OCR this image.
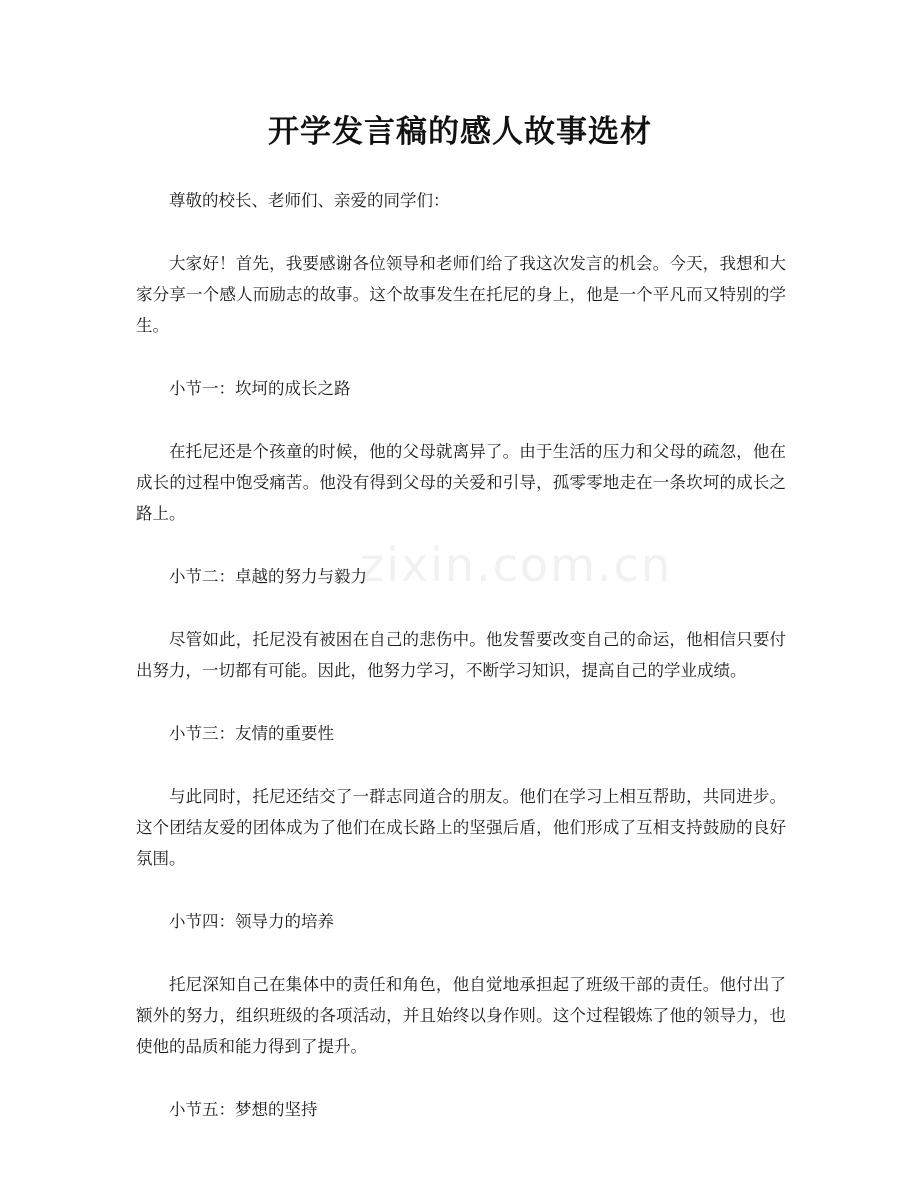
zixin.com.cn
开学发言稿的感人故事选材

尊敬的校长、老师们、亲爱的同学们：

大家好！首先，我要感谢各位领导和老师们给了我这次发言的机会。今天，我想和大家分享一个感人而励志的故事。这个故事发生在托尼的身上，他是一个平凡而又特别的学生。

小节一：坎坷的成长之路

在托尼还是个孩童的时候，他的父母就离异了。由于生活的压力和父母的疏忽，他在成长的过程中饱受痛苦。他没有得到父母的关爱和引导，孤零零地走在一条坎坷的成长之路上。

小节二：卓越的努力与毅力

尽管如此，托尼没有被困在自己的悲伤中。他发誓要改变自己的命运，他相信只要付出努力，一切都有可能。因此，他努力学习，不断学习知识，提高自己的学业成绩。

小节三：友情的重要性

与此同时，托尼还结交了一群志同道合的朋友。他们在学习上相互帮助，共同进步。这个团结友爱的团体成为了他们在成长路上的坚强后盾，他们形成了互相支持鼓励的良好氛围。

小节四：领导力的培养

托尼深知自己在集体中的责任和角色，他自觉地承担起了班级干部的责任。他付出了额外的努力，组织班级的各项活动，并且始终以身作则。这个过程锻炼了他的领导力，也使他的品质和能力得到了提升。

小节五：梦想的坚持
